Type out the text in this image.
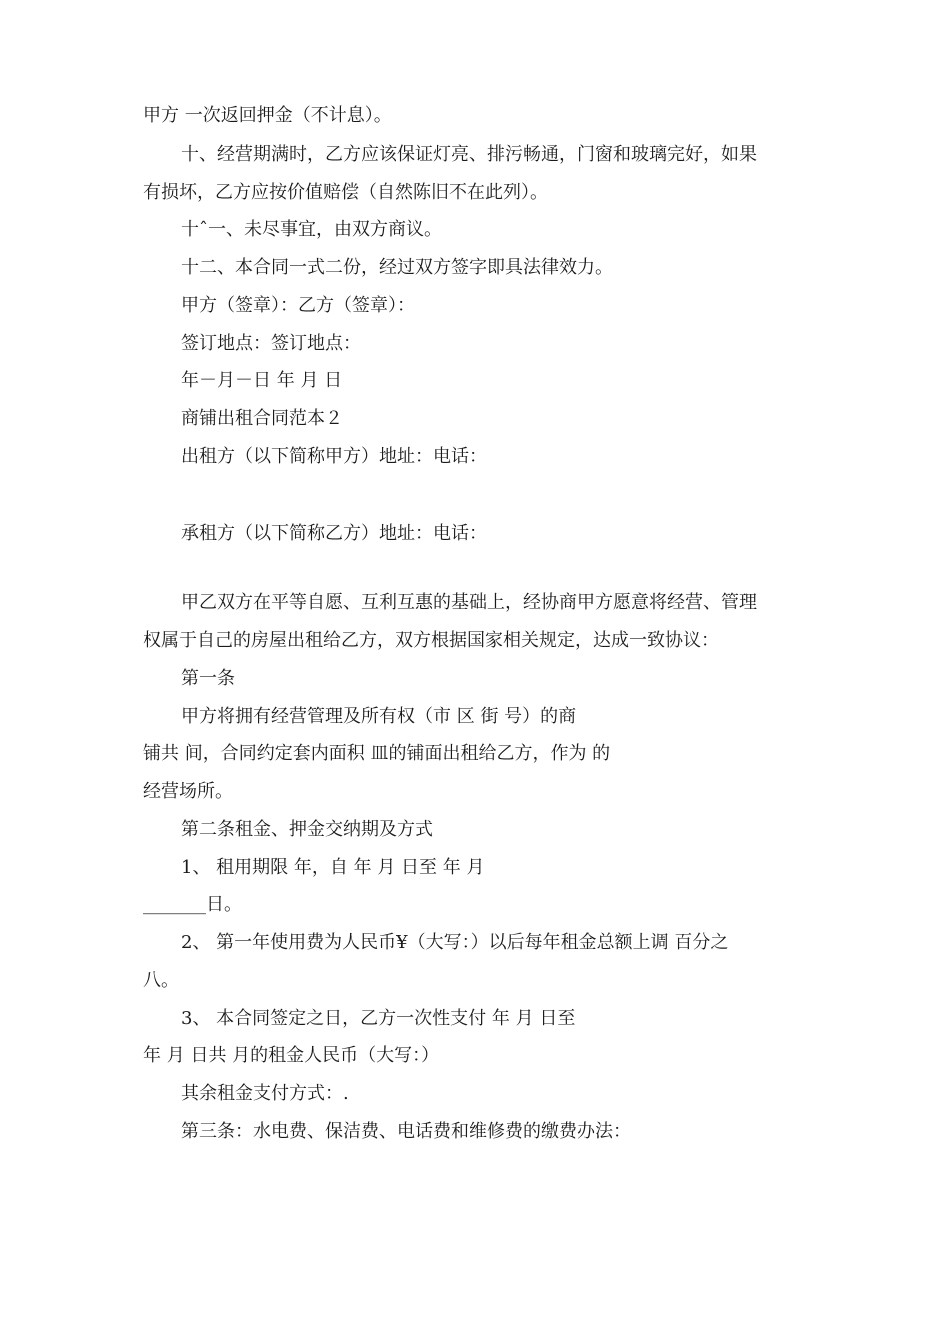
甲方 一次返回押金（不计息）。
十、经营期满时，乙方应该保证灯亮、排污畅通，门窗和玻璃完好，如果
有损坏，乙方应按价值赔偿（自然陈旧不在此列）。
十ˆ一、未尽事宜，由双方商议。
十二、本合同一式二份，经过双方签字即具法律效力。
甲方（签章）：乙方（签章）：
签订地点：签订地点：
年－月－日 年 月 日
商铺出租合同范本２
出租方（以下简称甲方）地址：电话：
承租方（以下简称乙方）地址：电话：
甲乙双方在平等自愿、互利互惠的基础上，经协商甲方愿意将经营、管理
权属于自己的房屋出租给乙方，双方根据国家相关规定，达成一致协议：
第一条
甲方将拥有经营管理及所有权（市 区 街 号）的商
铺共 间，合同约定套内面积 皿的铺面出租给乙方，作为 的
经营场所。
第二条租金、押金交纳期及方式
1、 租用期限 年，自 年 月 日至 年 月
_______日。
2、 第一年使用费为人民币¥（大写：）以后每年租金总额上调 百分之
八。
3、 本合同签定之日，乙方一次性支付 年 月 日至
年 月 日共 月的租金人民币（大写：）
其余租金支付方式：.
第三条：水电费、保洁费、电话费和维修费的缴费办法：
